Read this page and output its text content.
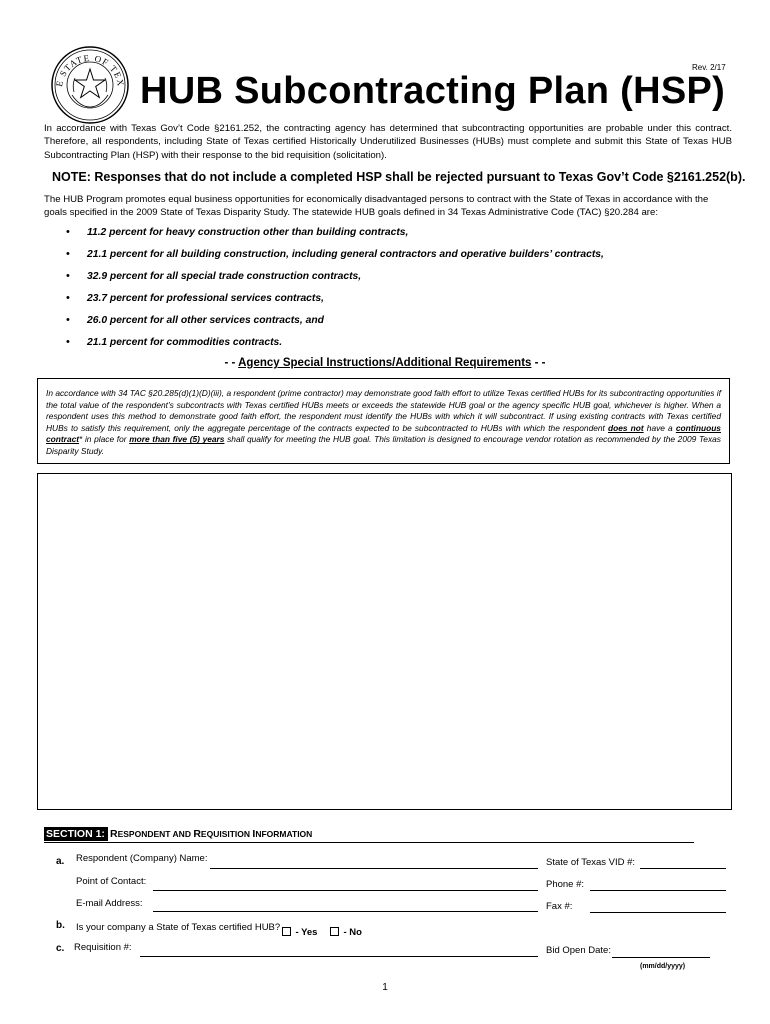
E STATE OF TEX
Rev. 2/17
HUB Subcontracting Plan (HSP)
In accordance with Texas Gov’t Code §2161.252, the contracting agency has determined that subcontracting opportunities are probable under this contract. Therefore, all respondents, including State of Texas certified Historically Underutilized Businesses (HUBs) must complete and submit this State of Texas HUB Subcontracting Plan (HSP) with their response to the bid requisition (solicitation).
NOTE: Responses that do not include a completed HSP shall be rejected pursuant to Texas Gov’t Code §2161.252(b).
The HUB Program promotes equal business opportunities for economically disadvantaged persons to contract with the State of Texas in accordance with the goals specified in the 2009 State of Texas Disparity Study. The statewide HUB goals defined in 34 Texas Administrative Code (TAC) §20.284 are:
• 11.2 percent for heavy construction other than building contracts,
• 21.1 percent for all building construction, including general contractors and operative builders’ contracts,
• 32.9 percent for all special trade construction contracts,
• 23.7 percent for professional services contracts,
• 26.0 percent for all other services contracts, and
• 21.1 percent for commodities contracts.
- - Agency Special Instructions/Additional Requirements - -
In accordance with 34 TAC §20.285(d)(1)(D)(iii), a respondent (prime contractor) may demonstrate good faith effort to utilize Texas certified HUBs for its subcontracting opportunities if the total value of the respondent’s subcontracts with Texas certified HUBs meets or exceeds the statewide HUB goal or the agency specific HUB goal, whichever is higher. When a respondent uses this method to demonstrate good faith effort, the respondent must identify the HUBs with which it will subcontract. If using existing contracts with Texas certified HUBs to satisfy this requirement, only the aggregate percentage of the contracts expected to be subcontracted to HUBs with which the respondent does not have a continuous contract* in place for more than five (5) years shall qualify for meeting the HUB goal. This limitation is designed to encourage vendor rotation as recommended by the 2009 Texas Disparity Study.
SECTION 1: RESPONDENT AND REQUISITION INFORMATION
a. Respondent (Company) Name:	State of Texas VID #:
Point of Contact:	Phone #:
E-mail Address:	Fax #:
b. Is your company a State of Texas certified HUB?	- Yes	- No
c. Requisition #:	Bid Open Date:
(mm/dd/yyyy)
1
